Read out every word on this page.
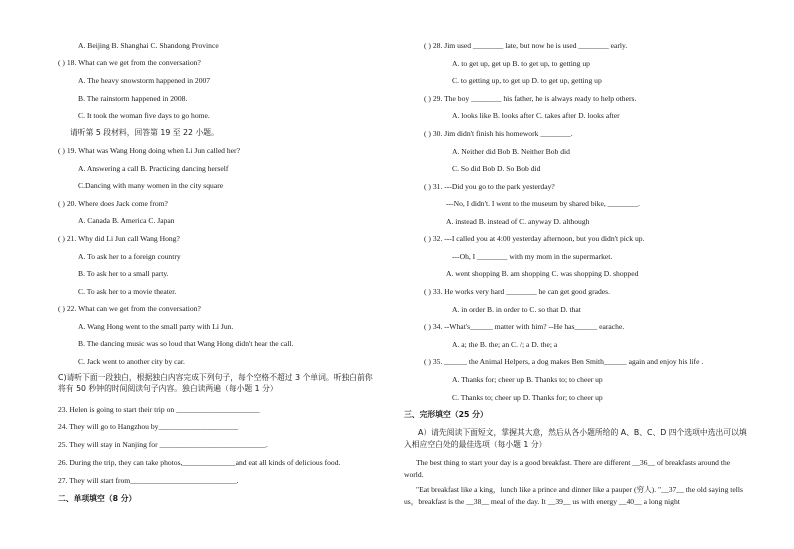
A. Beijing B. Shanghai C. Shandong Province
( ) 18. What can we get from the conversation?
A. The heavy snowstorm happened in 2007
B. The rainstorm happened in 2008.
C. It took the woman five days to go home.
请听第 5 段材料，回答第 19 至 22 小题。
( ) 19. What was Wang Hong doing when Li Jun called her?
A. Answering a call B. Practicing dancing herself
C.Dancing with many women in the city square
( ) 20. Where does Jack come from?
A. Canada B. America C. Japan
( ) 21. Why did Li Jun call Wang Hong?
A. To ask her to a foreign country
B. To ask her to a small party.
C. To ask her to a movie theater.
( ) 22. What can we get from the conversation?
A. Wang Hong went to the small party with Li Jun.
B. The dancing music was so loud that Wang Hong didn't hear the call.
C. Jack went to another city by car.
C)请听下面一段独白，根据独白内容完成下列句子，每个空格不超过 3 个单词。听独白前你将有 50 秒钟的时间阅读句子内容。独白读两遍（每小题 1 分）
23. Helen is going to start their trip on ______________________
24. They will go to Hangzhou by_____________________
25. They will stay in Nanjing for ____________________________.
26. During the trip, they can take photos,______________and eat all kinds of delicious food.
27. They will start from____________________________.
二、单项填空（8 分）
( ) 28. Jim used ________ late, but now he is used ________ early.
A. to get up, get up B. to get up, to getting up
C. to getting up, to get up D. to get up, getting up
( ) 29. The boy ________ his father, he is always ready to help others.
A. looks like B. looks after C. takes after D. looks after
( ) 30. Jim didn't finish his homework ________.
A. Neither did Bob B. Neither Bob did
C. So did Bob D. So Bob did
( ) 31. ---Did you go to the park yesterday?
---No, I didn't. I went to the museum by shared bike, ________.
A. instead B. instead of C. anyway D. although
( ) 32. ---I called you at 4:00 yesterday afternoon, but you didn't pick up.
---Oh, I ________ with my mom in the supermarket.
A. went shopping B. am shopping C. was shopping D. shopped
( ) 33. He works very hard ________ he can get good grades.
A. in order B. in order to C. so that D. that
( ) 34. --What's______ matter with him? --He has______ earache.
A. a; the B. the; an C. /; a D. the; a
( ) 35. ______ the Animal Helpers, a dog makes Ben Smith______ again and enjoy his life .
A. Thanks for; cheer up B. Thanks to; to cheer up
C. Thanks to; cheer up D. Thanks for; to cheer up
三、完形填空（25 分）
A）请先阅读下面短文，掌握其大意，然后从各小题所给的 A、B、C、D 四个选项中选出可以填入相应空白处的最佳选项（每小题 1 分）
The best thing to start your day is a good breakfast. There are different __36__ of breakfasts around the world.
"Eat breakfast like a king，lunch like a prince and dinner like a pauper (穷人). "__37__ the old saying tells us，breakfast is the __38__ meal of the day. It __39__ us with energy __40__ a long night
